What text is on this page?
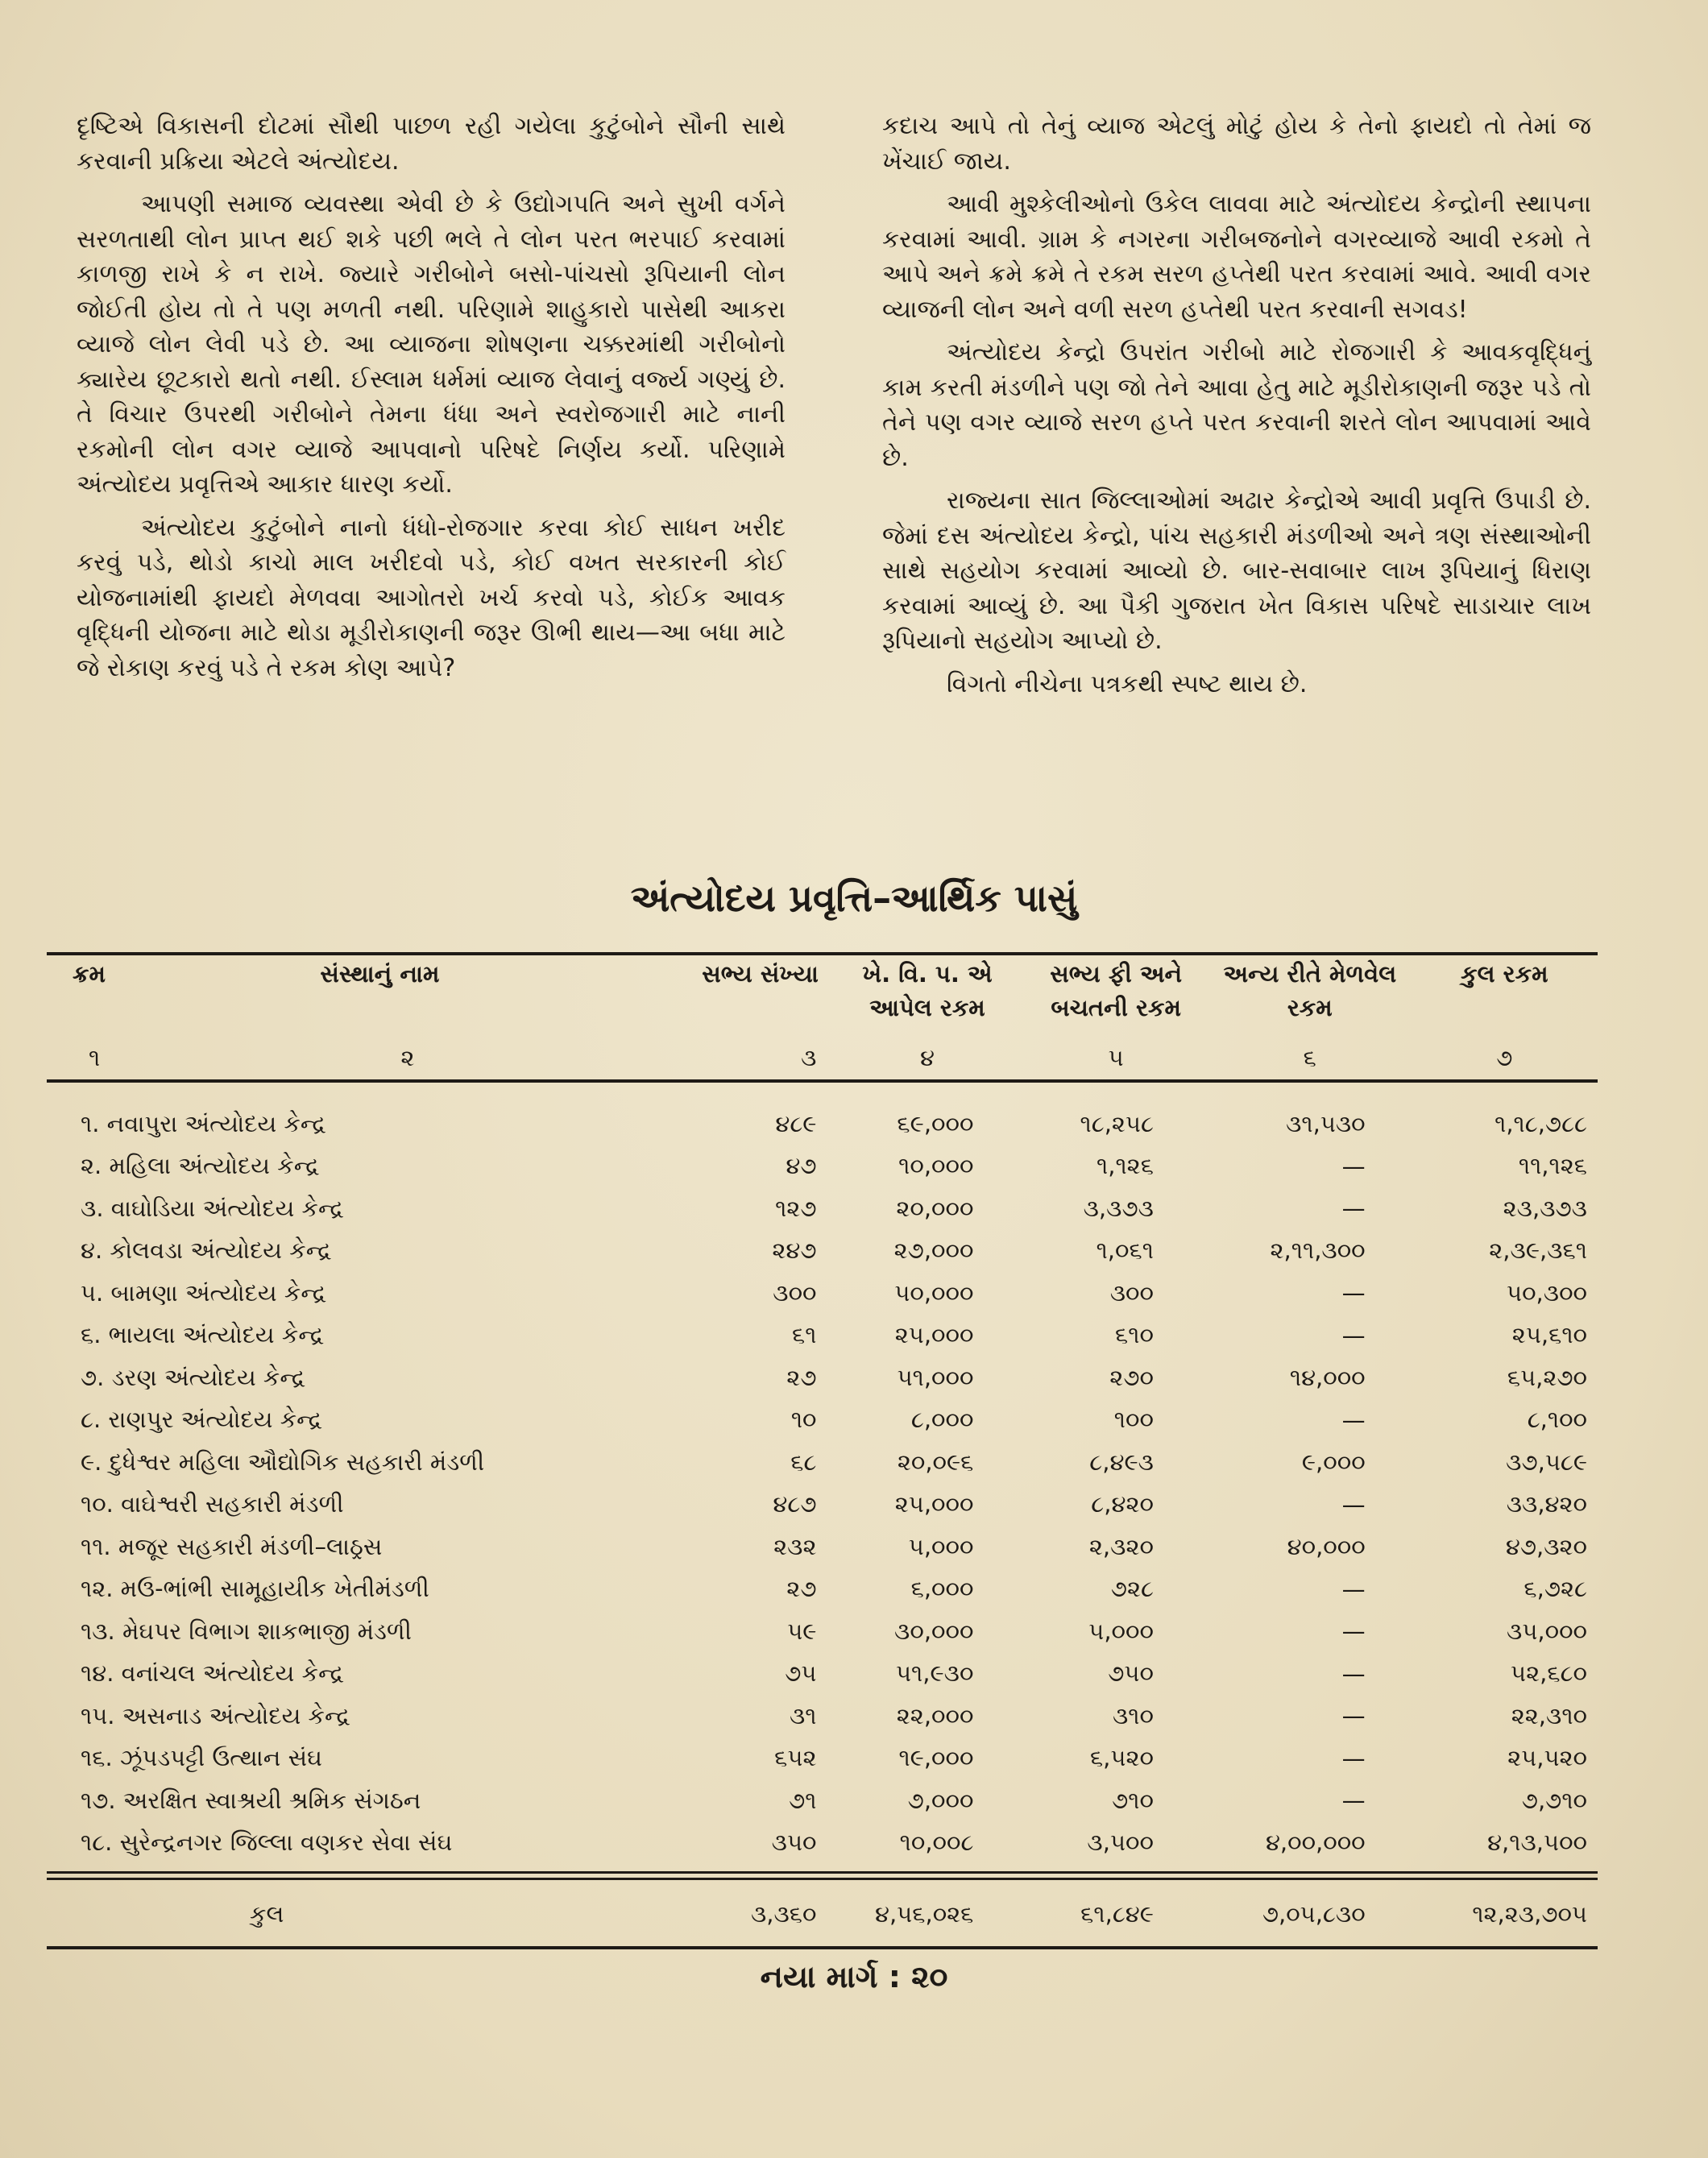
દૃષ્ટિએ વિકાસની દોટમાં સૌથી પાછળ રહી ગયેલા કુટુંબોને સૌની સાથે કરવાની પ્રક્રિયા એટલે અંત્યોદય.

આપણી સમાજ વ્યવસ્થા એવી છે કે ઉદ્યોગપતિ અને સુખી વર્ગને સરળતાથી લોન પ્રાપ્ત થઈ શકે પછી ભલે તે લોન પરત ભરપાઈ કરવામાં કાળજી રાખે કે ન રાખે. જ્યારે ગરીબોને બસો-પાંચસો રૂપિયાની લોન જોઈતી હોય તો તે પણ મળતી નથી. પરિણામે શાહુકારો પાસેથી આકરા વ્યાજે લોન લેવી પડે છે. આ વ્યાજના શોષણના ચક્કરમાંથી ગરીબોનો ક્યારેય છૂટકારો થતો નથી. ઈસ્લામ ધર્મમાં વ્યાજ લેવાનું વર્જ્ય ગણ્યું છે. તે વિચાર ઉપરથી ગરીબોને તેમના ધંધા અને સ્વરોજગારી માટે નાની રકમોની લોન વગર વ્યાજે આપવાનો પરિષદે નિર્ણય કર્યો. પરિણામે અંત્યોદય પ્રવૃત્તિએ આકાર ધારણ કર્યો.

અંત્યોદય કુટુંબોને નાનો ધંધો-રોજગાર કરવા કોઈ સાધન ખરીદ કરવું પડે, થોડો કાચો માલ ખરીદવો પડે, કોઈ વખત સરકારની કોઈ યોજનામાંથી ફાયદો મેળવવા આગોતરો ખર્ચ કરવો પડે, કોઈક આવક વૃદ્ધિની યોજના માટે થોડા મૂડીરોકાણની જરૂર ઊભી થાય—આ બધા માટે જે રોકાણ કરવું પડે તે રકમ કોણ આપે?

કદાચ આપે તો તેનું વ્યાજ એટલું મોટું હોય કે તેનો ફાયદો તો તેમાં જ ખેંચાઈ જાય.

આવી મુશ્કેલીઓનો ઉકેલ લાવવા માટે અંત્યોદય કેન્દ્રોની સ્થાપના કરવામાં આવી. ગ્રામ કે નગરના ગરીબજનોને વગરવ્યાજે આવી રકમો તે આપે અને ક્રમે ક્રમે તે રકમ સરળ હપ્તેથી પરત કરવામાં આવે. આવી વગર વ્યાજની લોન અને વળી સરળ હપ્તેથી પરત કરવાની સગવડ!

અંત્યોદય કેન્દ્રો ઉપરાંત ગરીબો માટે રોજગારી કે આવકવૃદ્ધિનું કામ કરતી મંડળીને પણ જો તેને આવા હેતુ માટે મૂડીરોકાણની જરૂર પડે તો તેને પણ વગર વ્યાજે સરળ હપ્તે પરત કરવાની શરતે લોન આપવામાં આવે છે.

રાજ્યના સાત જિલ્લાઓમાં અઢાર કેન્દ્રોએ આવી પ્રવૃત્તિ ઉપાડી છે. જેમાં દસ અંત્યોદય કેન્દ્રો, પાંચ સહકારી મંડળીઓ અને ત્રણ સંસ્થાઓની સાથે સહયોગ કરવામાં આવ્યો છે. બાર-સવાબાર લાખ રૂપિયાનું ધિરાણ કરવામાં આવ્યું છે. આ પૈકી ગુજરાત ખેત વિકાસ પરિષદે સાડાચાર લાખ રૂપિયાનો સહયોગ આપ્યો છે.

વિગતો નીચેના પત્રકથી સ્પષ્ટ થાય છે.

અંત્યોદય પ્રવૃત્તિ–આર્થિક પાસું
ક્રમ	સંસ્થાનું નામ	સભ્ય સંખ્યા	ખે. વિ. પ. એ આપેલ રકમ	સભ્ય ફી અને બચતની રકમ	અન્ય રીતે મેળવેલ રકમ	કુલ રકમ
૧	૨	૩	૪	૫	૬	૭

૧. નવાપુરા અંત્યોદય કેન્દ્ર		૪૮૯	૬૯,૦૦૦	૧૮,૨૫૮	૩૧,૫૩૦	૧,૧૮,૭૮૮
૨. મહિલા અંત્યોદય કેન્દ્ર		૪૭	૧૦,૦૦૦	૧,૧૨૬	—	૧૧,૧૨૬
૩. વાઘોડિયા અંત્યોદય કેન્દ્ર		૧૨૭	૨૦,૦૦૦	૩,૩૭૩	—	૨૩,૩૭૩
૪. કોલવડા અંત્યોદય કેન્દ્ર		૨૪૭	૨૭,૦૦૦	૧,૦૬૧	૨,૧૧,૩૦૦	૨,૩૯,૩૬૧
૫. બામણા અંત્યોદય કેન્દ્ર		૩૦૦	૫૦,૦૦૦	૩૦૦	—	૫૦,૩૦૦
૬. ભાયલા અંત્યોદય કેન્દ્ર		૬૧	૨૫,૦૦૦	૬૧૦	—	૨૫,૬૧૦
૭. ડરણ અંત્યોદય કેન્દ્ર		૨૭	૫૧,૦૦૦	૨૭૦	૧૪,૦૦૦	૬૫,૨૭૦
૮. રાણપુર અંત્યોદય કેન્દ્ર		૧૦	૮,૦૦૦	૧૦૦	—	૮,૧૦૦
૯. દુધેશ્વર મહિલા ઔદ્યોગિક સહકારી મંડળી		૬૮	૨૦,૦૯૬	૮,૪૯૩	૯,૦૦૦	૩૭,૫૮૯
૧૦. વાઘેશ્વરી સહકારી મંડળી		૪૮૭	૨૫,૦૦૦	૮,૪૨૦	—	૩૩,૪૨૦
૧૧. મજૂર સહકારી મંડળી–લાઠ્રસ		૨૩૨	૫,૦૦૦	૨,૩૨૦	૪૦,૦૦૦	૪૭,૩૨૦
૧૨. મઉ-ભાંભી સામૂહાયીક ખેતીમંડળી		૨૭	૬,૦૦૦	૭૨૮	—	૬,૭૨૮
૧૩. મેઘપર વિભાગ શાકભાજી મંડળી		૫૯	૩૦,૦૦૦	૫,૦૦૦	—	૩૫,૦૦૦
૧૪. વનાંચલ અંત્યોદય કેન્દ્ર		૭૫	૫૧,૯૩૦	૭૫૦	—	૫૨,૬૮૦
૧૫. અસનાડ અંત્યોદય કેન્દ્ર		૩૧	૨૨,૦૦૦	૩૧૦	—	૨૨,૩૧૦
૧૬. ઝૂંપડપટ્ટી ઉત્થાન સંઘ		૬૫૨	૧૯,૦૦૦	૬,૫૨૦	—	૨૫,૫૨૦
૧૭. અરક્ષિત સ્વાશ્રયી શ્રમિક સંગઠન		૭૧	૭,૦૦૦	૭૧૦	—	૭,૭૧૦
૧૮. સુરેન્દ્રનગર જિલ્લા વણકર સેવા સંઘ		૩૫૦	૧૦,૦૦૮	૩,૫૦૦	૪,૦૦,૦૦૦	૪,૧૩,૫૦૦

કુલ		૩,૩૬૦	૪,૫૬,૦૨૬	૬૧,૮૪૯	૭,૦૫,૮૩૦	૧૨,૨૩,૭૦૫
નયા માર્ગ : ૨૦
